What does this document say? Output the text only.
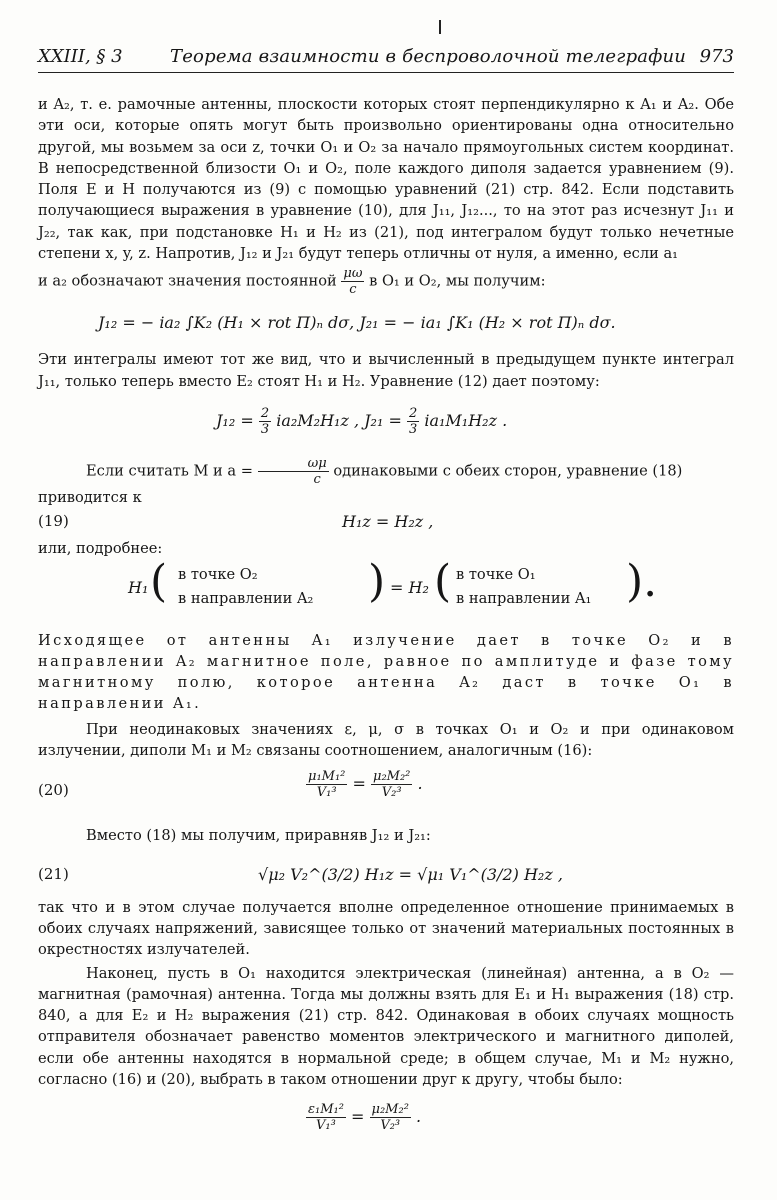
XXIII, § 3	Теорема взаимности в беспроволочной телеграфии 973

и A₂, т. е. рамочные антенны, плоскости которых стоят перпендикулярно к A₁ и A₂. Обе эти оси, которые опять могут быть произвольно ориентированы одна относительно другой, мы возьмем за оси z, точки O₁ и O₂ за начало прямоугольных систем координат. В непосредственной близости O₁ и O₂, поле каждого диполя задается уравнением (9). Поля E и H получаются из (9) с помощью уравнений (21) стр. 842. Если подставить получающиеся выражения в уравнение (10), для J₁₁, J₁₂..., то на этот раз исчезнут J₁₁ и J₂₂, так как, при подстановке H₁ и H₂ из (21), под интегралом будут только нечетные степени x, y, z. Напротив, J₁₂ и J₂₁ будут теперь отличны от нуля, а именно, если a₁

и a₂ обозначают значения постоянной $\frac{\mu\omega}{c}$ в O₁ и O₂, мы получим:

J₁₂ = − ia₂ ∫K₂ (H₁ × rot Π)ₙ dσ, J₂₁ = − ia₁ ∫K₁ (H₂ × rot Π)ₙ dσ.

Эти интегралы имеют тот же вид, что и вычисленный в предыдущем пункте интеграл J₁₁, только теперь вместо E₂ стоят H₁ и H₂. Уравнение (12) дает поэтому:

$J_{12} = \frac{2}{3} ia_2M_2H_1z$ , $J_{21} = \frac{2}{3} ia_1M_1H_2z$ .

Если считать M и $a = \frac{\omega\mu}{c}$ одинаковыми с обеих сторон, уравнение (18)

приводится к

(19)	H₁z = H₂z ,

или, подробнее:

H₁ ( в точке O₂
в направлении A₂ ) = H₂ ( в точке O₁
в направлении A₁ ).

Исходящее от антенны A₁ излучение дает в точке O₂ и в направлении A₂ магнитное поле, равное по амплитуде и фазе тому магнитному полю, которое антенна A₂ даст в точке O₁ в направлении A₁.

При неодинаковых значениях ε, μ, σ в точках O₁ и O₂ и при одинаковом излучении, диполи M₁ и M₂ связаны соотношением, аналогичным (16):

(20)	$\frac{\text{μ₁M₁²}}{\text{V₁³}} = \frac{\text{μ₂M₂²}}{\text{V₂³}}$ .

Вместо (18) мы получим, приравняв J₁₂ и J₂₁:

(21)	√μ₂ V₂^(3/2) H₁z = √μ₁ V₁^(3/2) H₂z ,

так что и в этом случае получается вполне определенное отношение принимаемых в обоих случаях напряжений, зависящее только от значений материальных постоянных в окрестностях излучателей.

Наконец, пусть в O₁ находится электрическая (линейная) антенна, а в O₂ — магнитная (рамочная) антенна. Тогда мы должны взять для E₁ и H₁ выражения (18) стр. 840, а для E₂ и H₂ выражения (21) стр. 842. Одинаковая в обоих случаях мощность отправителя обозначает равенство моментов электрического и магнитного диполей, если обе антенны находятся в нормальной среде; в общем случае, M₁ и M₂ нужно, согласно (16) и (20), выбрать в таком отношении друг к другу, чтобы было:

$\frac{\text{ε₁M₁²}}{\text{V₁³}} = \frac{\text{μ₂M₂²}}{\text{V₂³}}$ .
